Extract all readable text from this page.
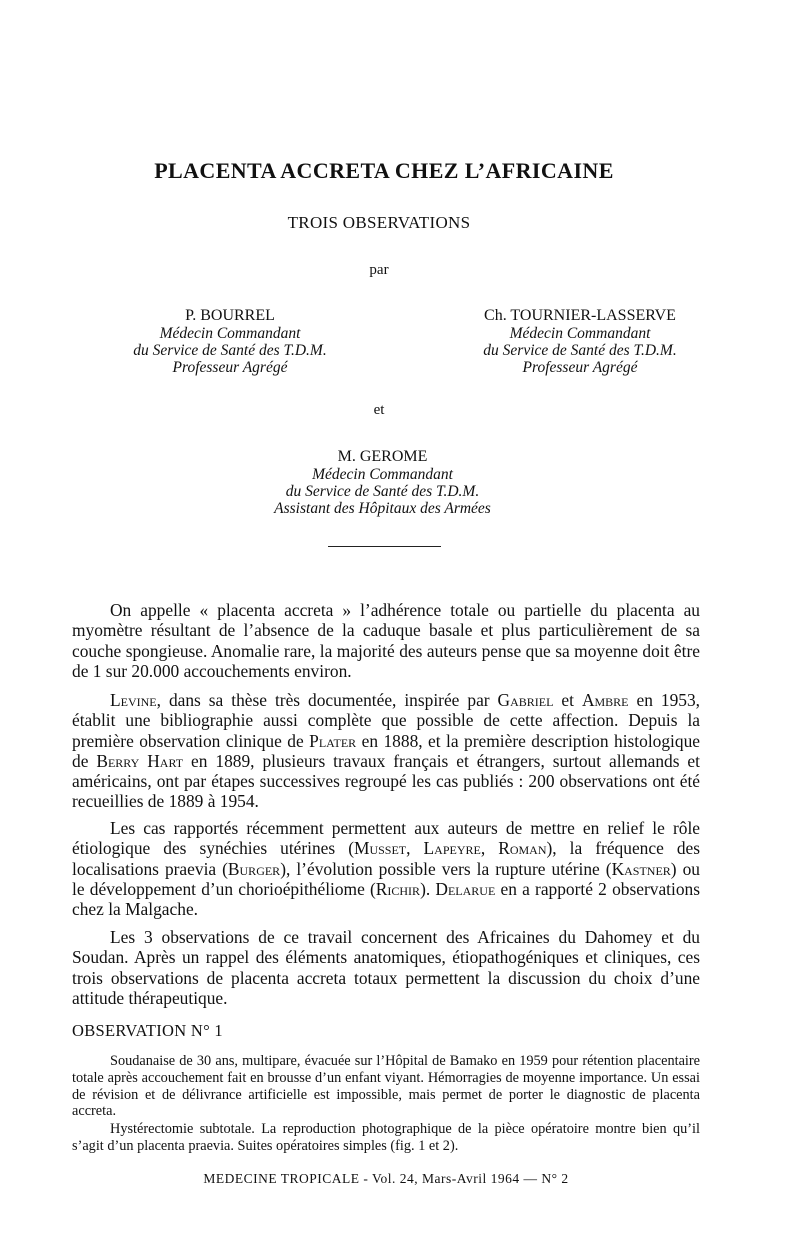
PLACENTA ACCRETA CHEZ L’AFRICAINE
TROIS OBSERVATIONS
par
P. BOURREL
Médecin Commandant
du Service de Santé des T.D.M.
Professeur Agrégé
Ch. TOURNIER-LASSERVE
Médecin Commandant
du Service de Santé des T.D.M.
Professeur Agrégé
et
M. GEROME
Médecin Commandant
du Service de Santé des T.D.M.
Assistant des Hôpitaux des Armées

On appelle « placenta accreta » l’adhérence totale ou partielle du placenta au myomètre résultant de l’absence de la caduque basale et plus particulièrement de sa couche spongieuse. Anomalie rare, la majorité des auteurs pense que sa moyenne doit être de 1 sur 20.000 accouchements environ.

Levine, dans sa thèse très documentée, inspirée par Gabriel et Ambre en 1953, établit une bibliographie aussi complète que possible de cette affection. Depuis la première observation clinique de Plater en 1888, et la première description histologique de Berry Hart en 1889, plusieurs travaux français et étrangers, surtout allemands et américains, ont par étapes successives regroupé les cas publiés : 200 observations ont été recueillies de 1889 à 1954.

Les cas rapportés récemment permettent aux auteurs de mettre en relief le rôle étiologique des synéchies utérines (Musset, Lapeyre, Roman), la fréquence des localisations praevia (Burger), l’évolution possible vers la rupture utérine (Kastner) ou le développement d’un chorioépithéliome (Richir). Delarue en a rapporté 2 observations chez la Malgache.

Les 3 observations de ce travail concernent des Africaines du Dahomey et du Soudan. Après un rappel des éléments anatomiques, étiopathogéniques et cliniques, ces trois observations de placenta accreta totaux permettent la discussion du choix d’une attitude thérapeutique.

OBSERVATION N° 1

Soudanaise de 30 ans, multipare, évacuée sur l’Hôpital de Bamako en 1959 pour rétention placentaire totale après accouchement fait en brousse d’un enfant viyant. Hémorragies de moyenne importance. Un essai de révision et de délivrance artificielle est impossible, mais permet de porter le diagnostic de placenta accreta.

Hystérectomie subtotale. La reproduction photographique de la pièce opératoire montre bien qu’il s’agit d’un placenta praevia. Suites opératoires simples (fig. 1 et 2).

MEDECINE TROPICALE - Vol. 24, Mars-Avril 1964 — N° 2
